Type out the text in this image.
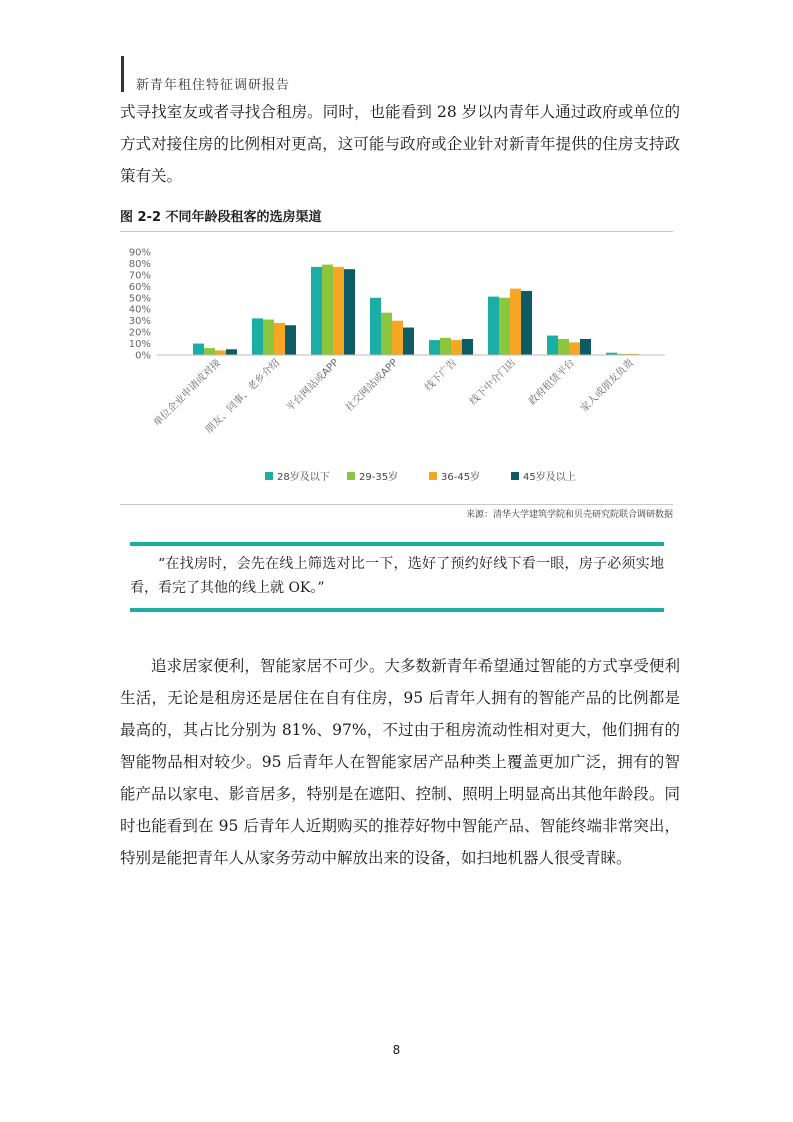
新青年租住特征调研报告
式寻找室友或者寻找合租房。同时，也能看到 28 岁以内青年人通过政府或单位的方式对接住房的比例相对更高，这可能与政府或企业针对新青年提供的住房支持政策有关。
图 2-2 不同年龄段租客的选房渠道
0%
10%
20%
30%
40%
50%
60%
70%
80%
90%
单位企业申请或对接
朋友、同事、老乡介绍 平台网站或APP 社交网站或APP 线下广告 线下中介门店 政府租赁平台 家人或朋友负责
28岁及以下	29-35岁	36-45岁	45岁及以上
来源：清华大学建筑学院和贝壳研究院联合调研数据
“在找房时，会先在线上筛选对比一下，选好了预约好线下看一眼，房子必须实地看，看完了其他的线上就 OK。”
追求居家便利，智能家居不可少。大多数新青年希望通过智能的方式享受便利生活，无论是租房还是居住在自有住房，95 后青年人拥有的智能产品的比例都是最高的，其占比分别为 81%、97%，不过由于租房流动性相对更大，他们拥有的智能物品相对较少。95 后青年人在智能家居产品种类上覆盖更加广泛，拥有的智能产品以家电、影音居多，特别是在遮阳、控制、照明上明显高出其他年龄段。同时也能看到在 95 后青年人近期购买的推荐好物中智能产品、智能终端非常突出，特别是能把青年人从家务劳动中解放出来的设备，如扫地机器人很受青睐。
8
